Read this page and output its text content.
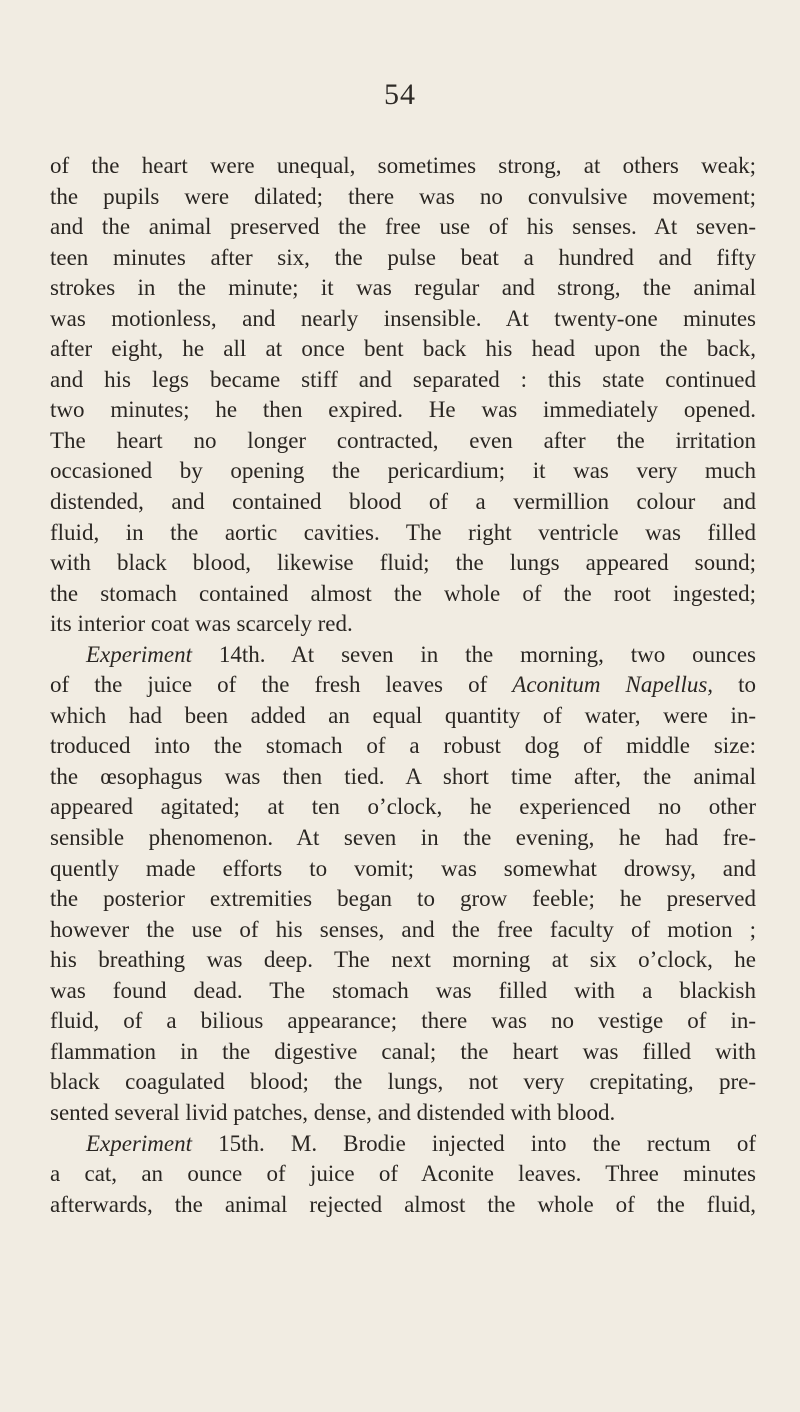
54
of the heart were unequal, sometimes strong, at others weak;
the pupils were dilated; there was no convulsive movement;
and the animal preserved the free use of his senses. At seven-
teen minutes after six, the pulse beat a hundred and fifty
strokes in the minute; it was regular and strong, the animal
was motionless, and nearly insensible. At twenty-one minutes
after eight, he all at once bent back his head upon the back,
and his legs became stiff and separated : this state continued
two minutes; he then expired. He was immediately opened.
The heart no longer contracted, even after the irritation
occasioned by opening the pericardium; it was very much
distended, and contained blood of a vermillion colour and
fluid, in the aortic cavities. The right ventricle was filled
with black blood, likewise fluid; the lungs appeared sound;
the stomach contained almost the whole of the root ingested;
its interior coat was scarcely red.
Experiment 14th. At seven in the morning, two ounces
of the juice of the fresh leaves of Aconitum Napellus, to
which had been added an equal quantity of water, were in-
troduced into the stomach of a robust dog of middle size:
the œsophagus was then tied. A short time after, the animal
appeared agitated; at ten o’clock, he experienced no other
sensible phenomenon. At seven in the evening, he had fre-
quently made efforts to vomit; was somewhat drowsy, and
the posterior extremities began to grow feeble; he preserved
however the use of his senses, and the free faculty of motion ;
his breathing was deep. The next morning at six o’clock, he
was found dead. The stomach was filled with a blackish
fluid, of a bilious appearance; there was no vestige of in-
flammation in the digestive canal; the heart was filled with
black coagulated blood; the lungs, not very crepitating, pre-
sented several livid patches, dense, and distended with blood.
Experiment 15th. M. Brodie injected into the rectum of
a cat, an ounce of juice of Aconite leaves. Three minutes
afterwards, the animal rejected almost the whole of the fluid,
